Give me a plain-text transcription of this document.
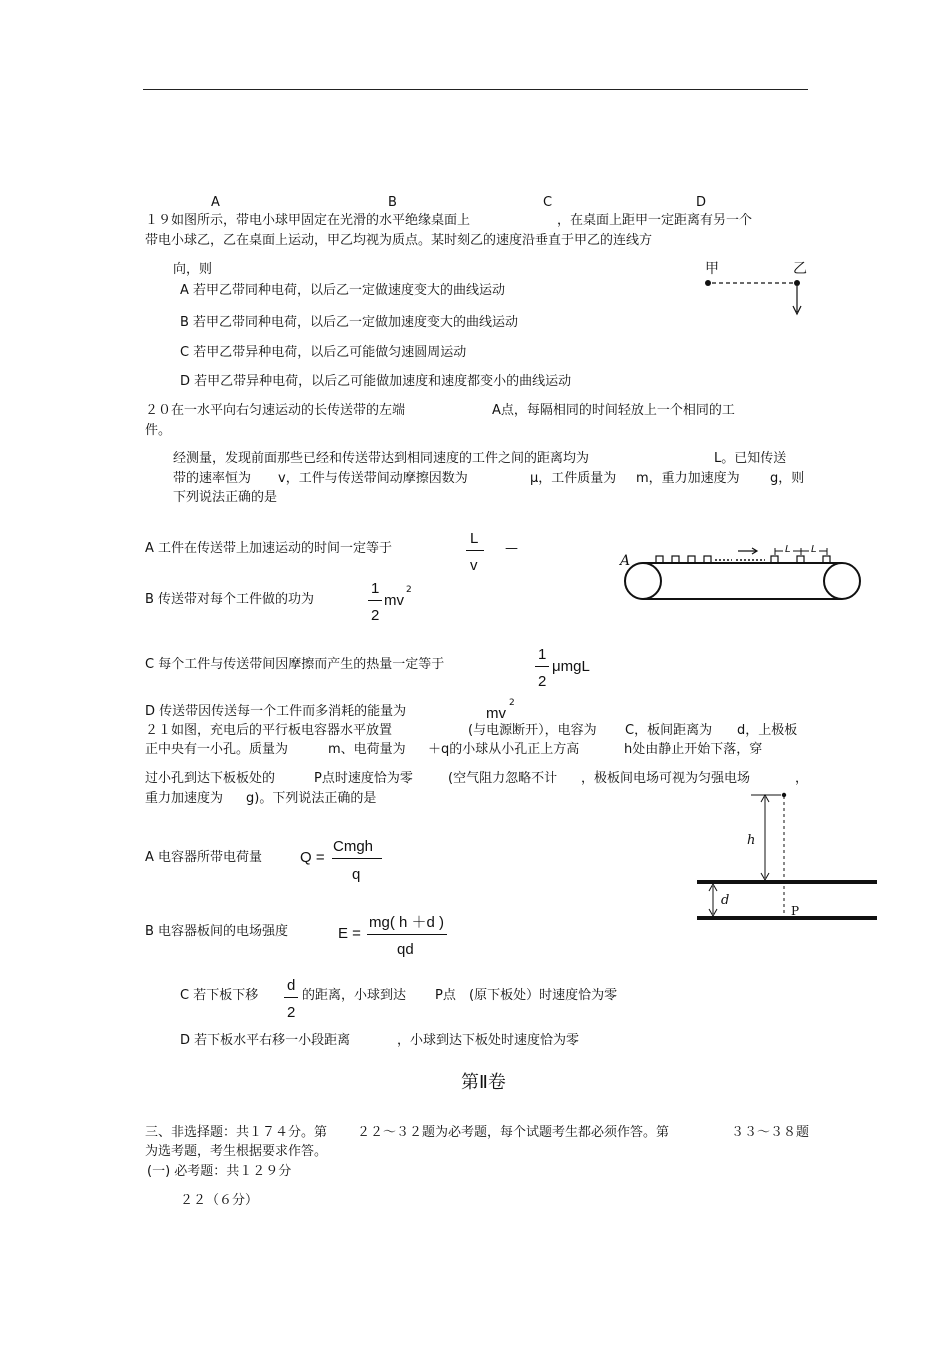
A	B	C	D
１９如图所示，带电小球甲固定在光滑的水平绝缘桌面上	，在桌面上距甲一定距离有另一个
带电小球乙，乙在桌面上运动，甲乙均视为质点。某时刻乙的速度沿垂直于甲乙的连线方
向，则
A 若甲乙带同种电荷，以后乙一定做速度变大的曲线运动
B 若甲乙带同种电荷，以后乙一定做加速度变大的曲线运动
C 若甲乙带异种电荷，以后乙可能做匀速圆周运动
D 若甲乙带异种电荷，以后乙可能做加速度和速度都变小的曲线运动
甲	乙
２０在一水平向右匀速运动的长传送带的左端	A点，每隔相同的时间轻放上一个相同的工
件。
经测量，发现前面那些已经和传送带达到相同速度的工件之间的距离均为	L。已知传送
带的速率恒为 v，工件与传送带间动摩擦因数为	μ，工件质量为 m，重力加速度为 g，则
下列说法正确的是
A 工件在传送带上加速运动的时间一定等于
L
v
—
B 传送带对每个工件做的功为
1
2
mv
2
C 每个工件与传送带间因摩擦而产生的热量一定等于
1
2
μmgL
D 传送带因传送每一个工件而多消耗的能量为	mv
2
A
L L
２１如图，充电后的平行板电容器水平放置	(与电源断开），电容为 C，板间距离为 d，上极板
正中央有一小孔。质量为	m、电荷量为 ＋q的小球从小孔正上方高	h处由静止开始下落，穿
过小孔到达下板板处的	P点时速度恰为零	(空气阻力忽略不计 ，极板间电场可视为匀强电场	，
重力加速度为 g)。下列说法正确的是
A 电容器所带电荷量	Q =
Cmgh
q
B 电容器板间的电场强度	E =
mg( h ＋d )
qd
C 若下板下移
d
2
的距离，小球到达 P点 (原下板处）时速度恰为零
D 若下板水平右移一小段距离	，小球到达下板处时速度恰为零
h
d
P
第Ⅱ卷
三、非选择题：共１７４分。第 ２２～３２题为必考题，每个试题考生都必须作答。第	３３～３８题
为选考题，考生根据要求作答。
(一) 必考题：共１２９分
２２（６分）
